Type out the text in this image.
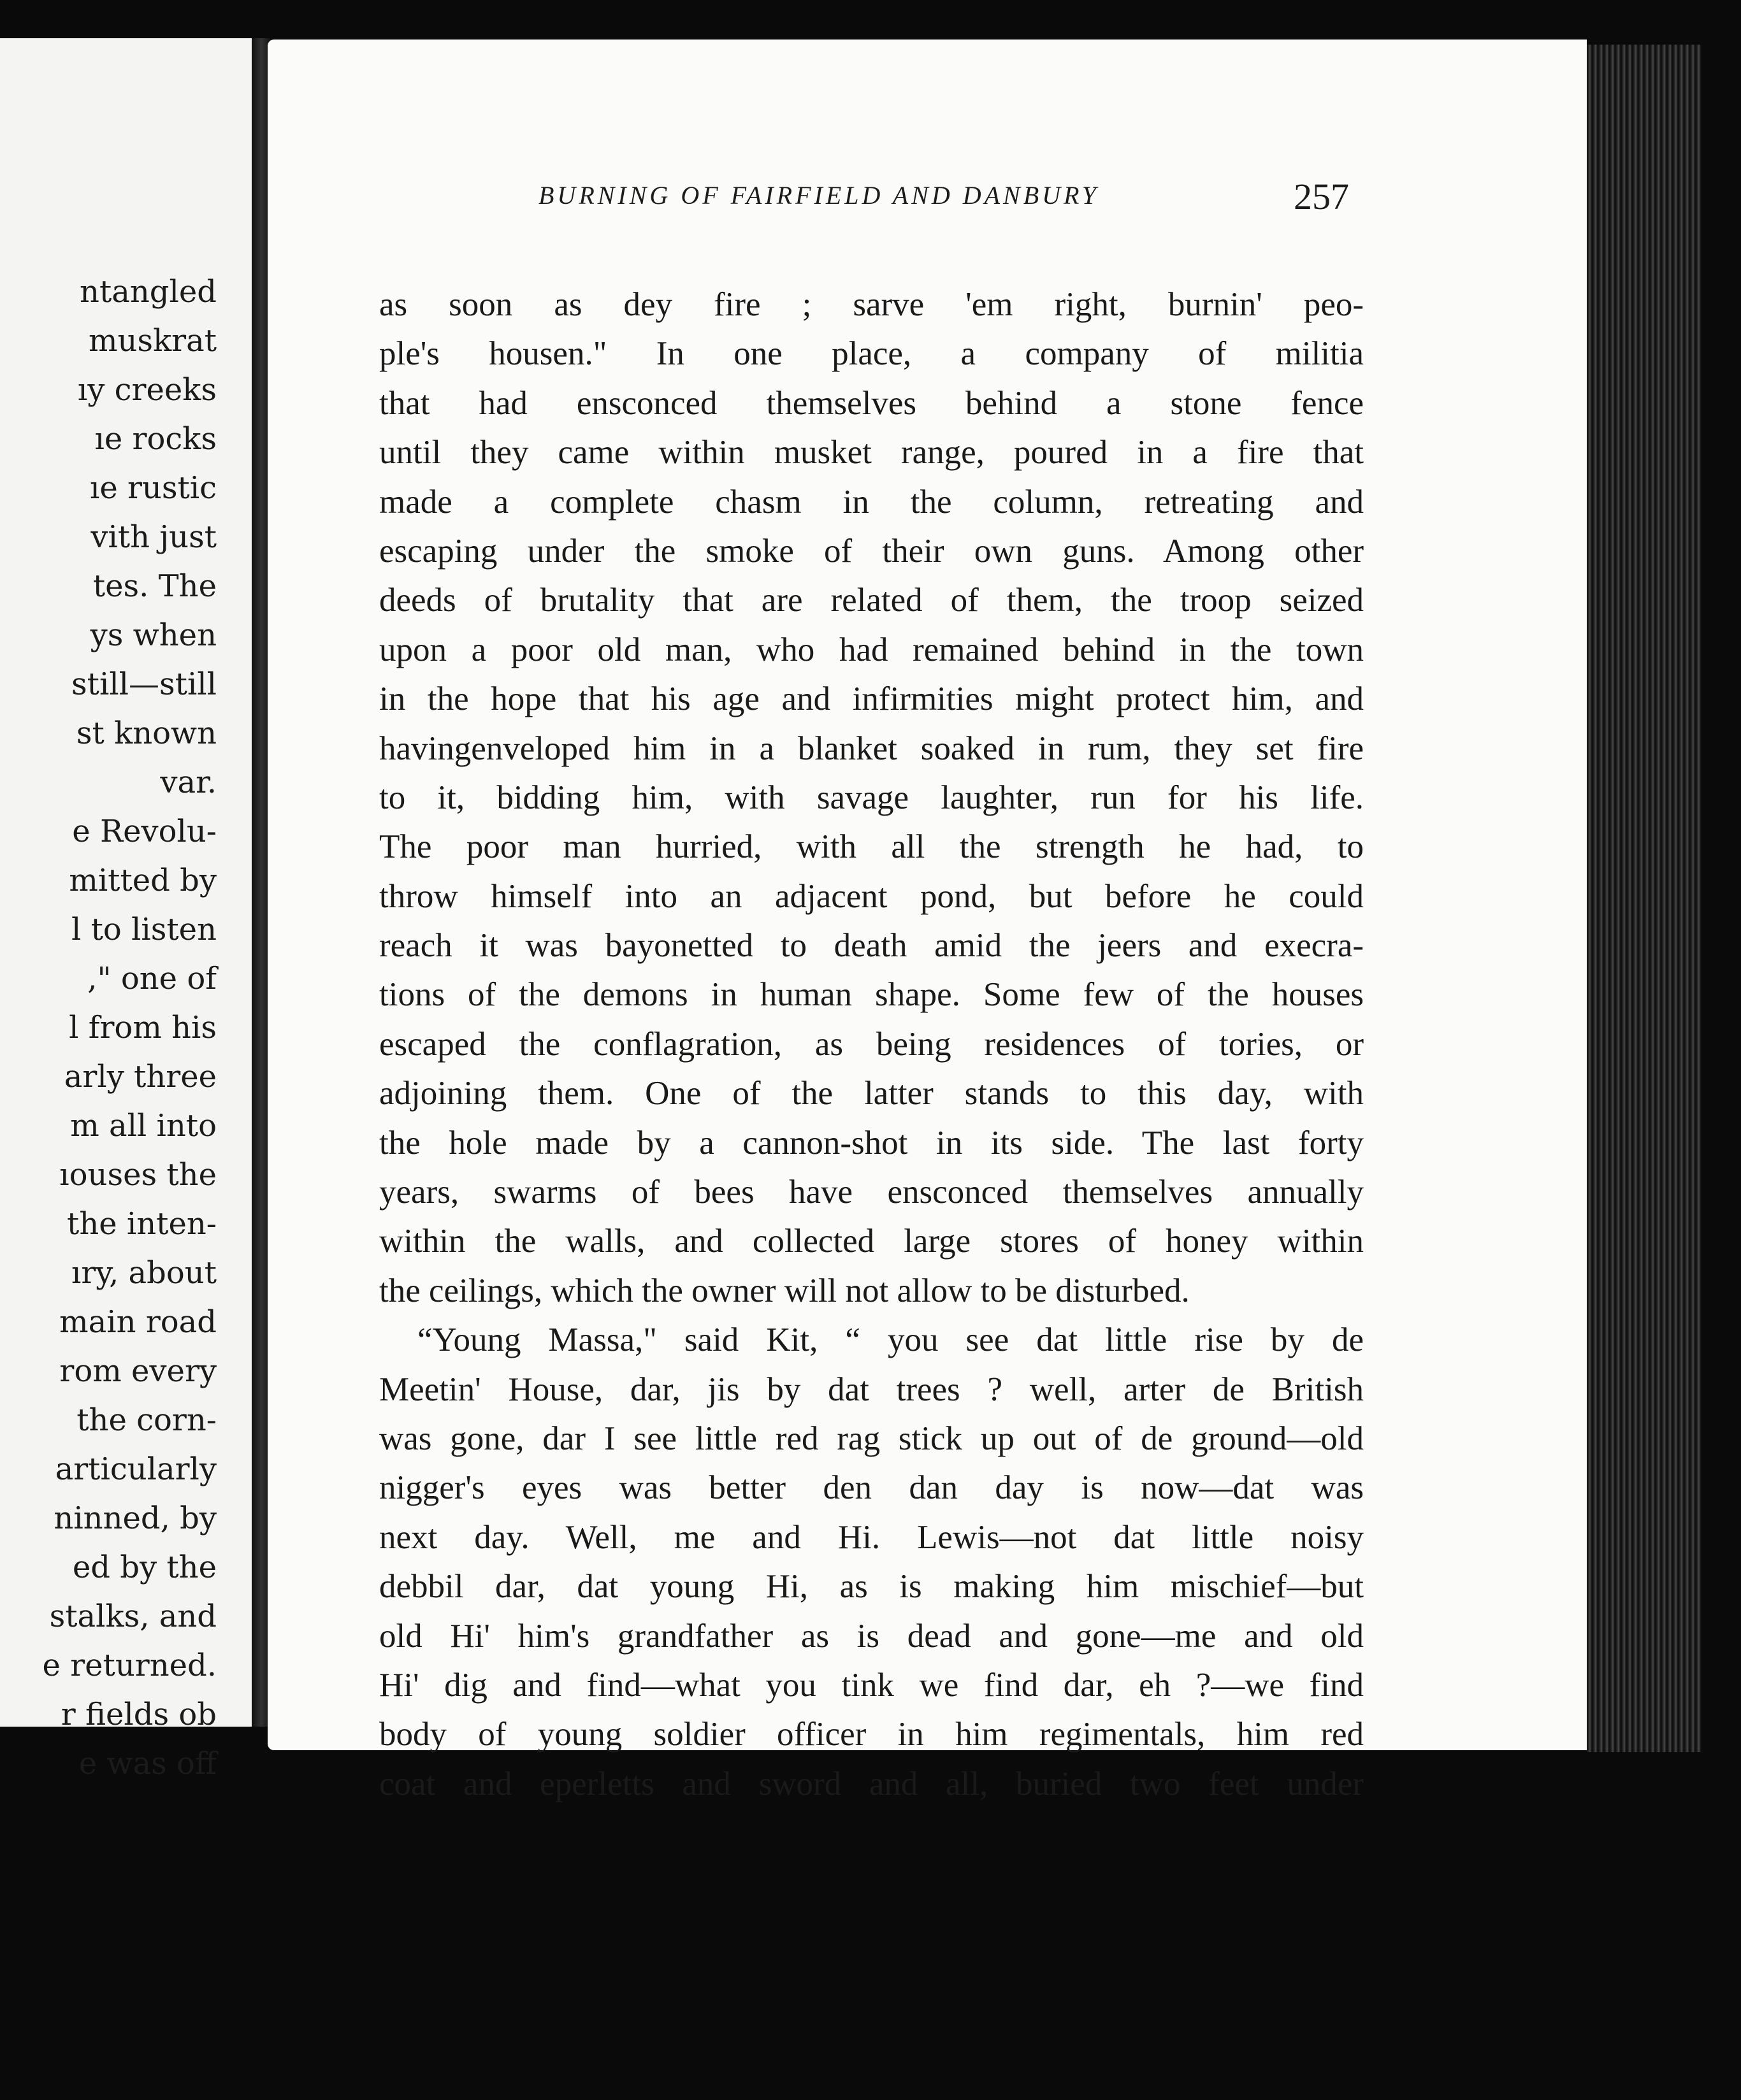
ntangled
muskrat
ıy creeks
ıe rocks
ıe rustic
vith just
tes. The
ys when
still—still
st known
var.
e Revolu-
mitted by
l to listen
," one of
l from his
arly three
m all into
ıouses the
the inten-
ıry, about
main road
rom every
the corn-
articularly
ninned, by
ed by the
stalks, and
e returned.
r fields ob
e was off
BURNING OF FAIRFIELD AND DANBURY	257
as soon as dey fire ; sarve 'em right, burnin' peo-
ple's housen." In one place, a company of militia
that had ensconced themselves behind a stone fence
until they came within musket range, poured in a fire that
made a complete chasm in the column, retreating and
escaping under the smoke of their own guns. Among other
deeds of brutality that are related of them, the troop seized
upon a poor old man, who had remained behind in the town
in the hope that his age and infirmities might protect him, and
havingenveloped him in a blanket soaked in rum, they set fire
to it, bidding him, with savage laughter, run for his life.
The poor man hurried, with all the strength he had, to
throw himself into an adjacent pond, but before he could
reach it was bayonetted to death amid the jeers and execra-
tions of the demons in human shape. Some few of the houses
escaped the conflagration, as being residences of tories, or
adjoining them. One of the latter stands to this day, with
the hole made by a cannon-shot in its side. The last forty
years, swarms of bees have ensconced themselves annually
within the walls, and collected large stores of honey within
the ceilings, which the owner will not allow to be disturbed.
“Young Massa," said Kit, “ you see dat little rise by de
Meetin' House, dar, jis by dat trees ? well, arter de British
was gone, dar I see little red rag stick up out of de ground—old
nigger's eyes was better den dan day is now—dat was
next day. Well, me and Hi. Lewis—not dat little noisy
debbil dar, dat young Hi, as is making him mischief—but
old Hi' him's grandfather as is dead and gone—me and old
Hi' dig and find—what you tink we find dar, eh ?—we find
body of young soldier officer in him regimentals, him red
coat and eperletts and sword and all, buried two feet under
